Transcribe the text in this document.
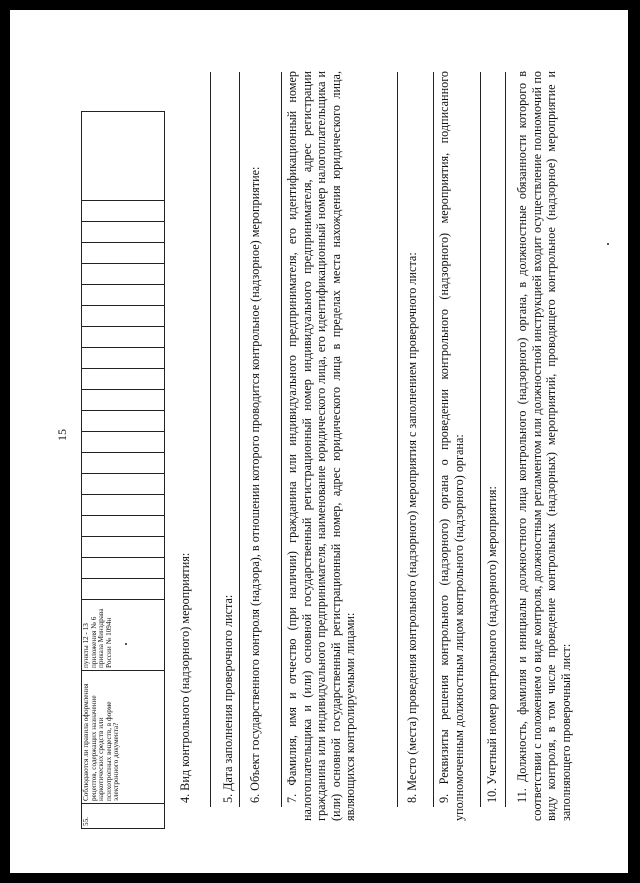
15
55.	Соблюдаются ли правила оформления рецептов, содержащих назначение наркотических средств или психотропных веществ, в форме электронного документа?	пункты 12 - 13 приложения № 6 приказа Минздрава России № 1094н																					4. Вид контрольного (надзорного) мероприятия: 5. Дата заполнения проверочного листа: 6. Объект государственного контроля (надзора), в отношении которого проводится контрольное (надзорное) мероприятие: 7. Фамилия, имя и отчество (при наличии) гражданина или индивидуального предпринимателя, его идентификационный номер налогоплательщика и (или) основной государственный регистрационный номер индивидуального предпринимателя, адрес регистрации гражданина или индивидуального предпринимателя, наименование юридического лица, его идентификационный номер налогоплательщика и (или) основной государственный регистрационный номер, адрес юридического лица в пределах места нахождения юридического лица, являющихся контролируемыми лицами:	8. Место (места) проведения контрольного (надзорного) мероприятия с заполнением проверочного листа: 9. Реквизиты решения контрольного (надзорного) органа о проведении контрольного (надзорного) мероприятия, подписанного уполномоченным должностным лицом контрольного (надзорного) органа: 10. Учетный номер контрольного (надзорного) мероприятия: 11. Должность, фамилия и инициалы должностного лица контрольного (надзорного) органа, в должностные обязанности которого в соответствии с положением о виде контроля, должностным регламентом или должностной инструкцией входит осуществление полномочий по виду контроля, в том числе проведение контрольных (надзорных) мероприятий, проводящего контрольное (надзорное) мероприятие и заполняющего проверочный лист:
